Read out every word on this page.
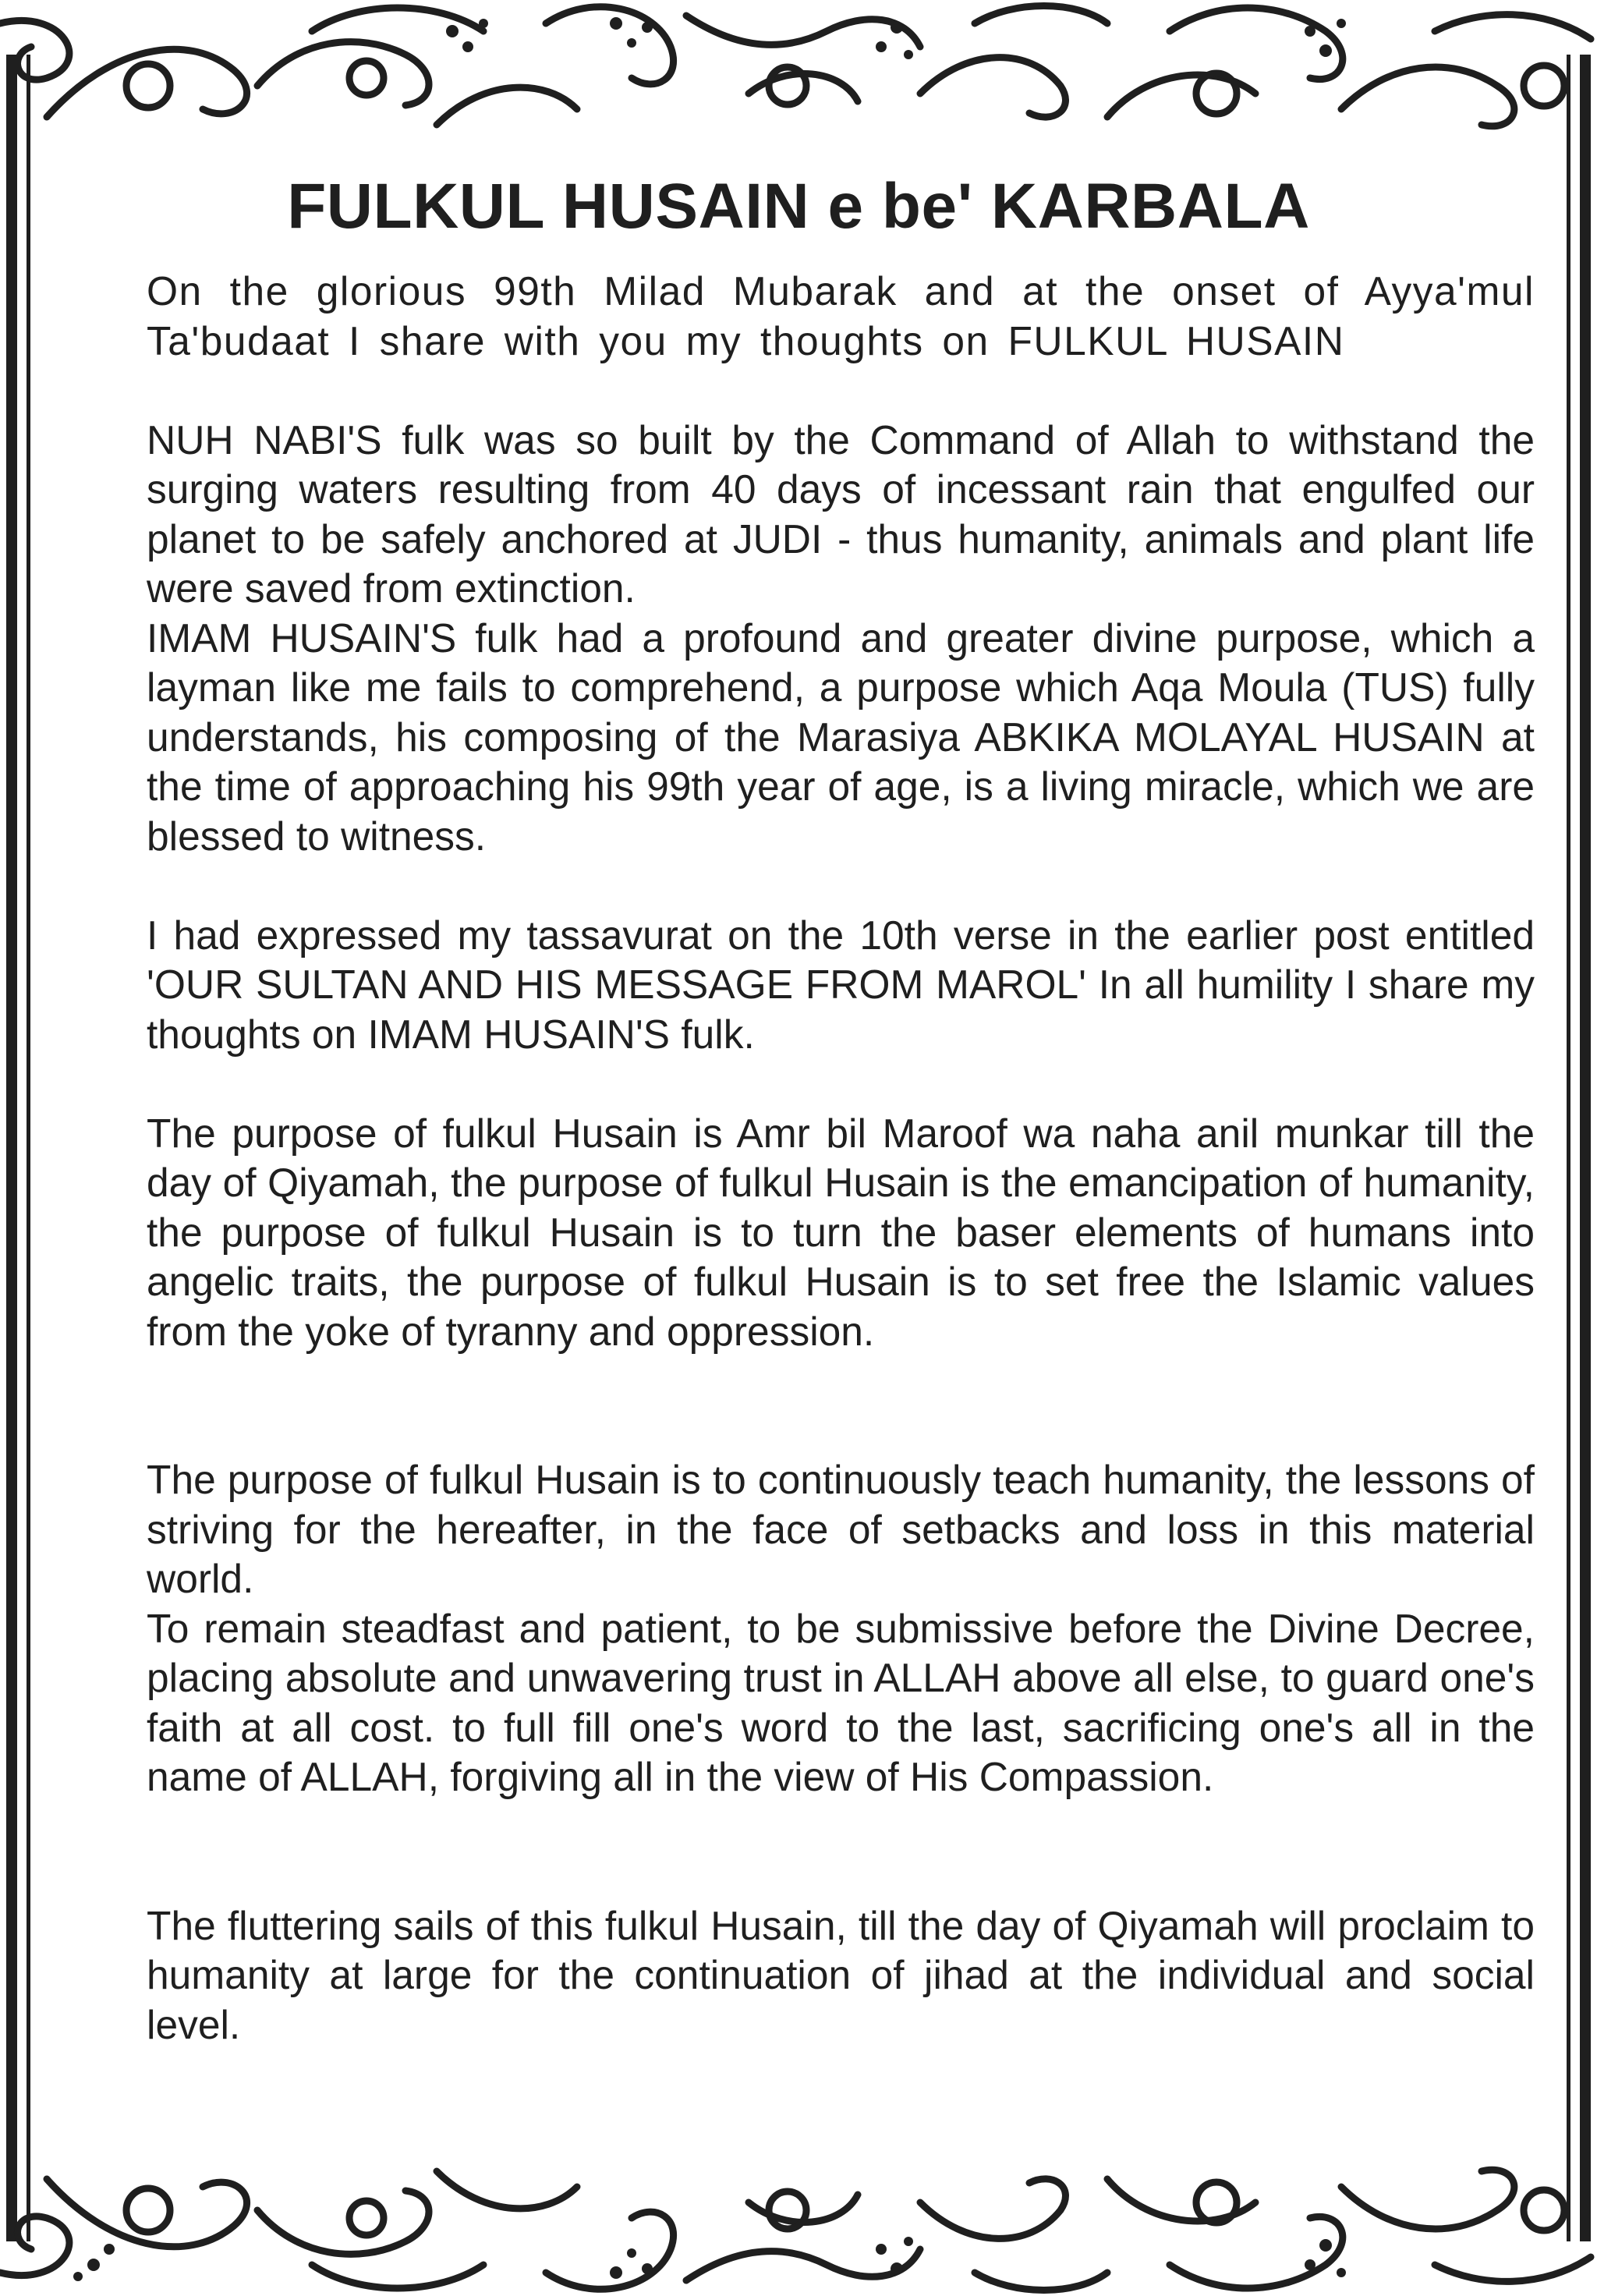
FULKUL HUSAIN e be' KARBALA

On the glorious 99th Milad Mubarak and at the onset of Ayya'mul Ta'budaat I share with you my thoughts on FULKUL HUSAIN

NUH NABI'S fulk was so built by the Command of Allah to withstand the surging waters resulting from 40 days of incessant rain that engulfed our planet to be safely anchored at JUDI - thus humanity, animals and plant life were saved from extinction.

IMAM HUSAIN'S fulk had a profound and greater divine purpose, which a layman like me fails to comprehend, a purpose which Aqa Moula (TUS) fully understands, his composing of the Marasiya ABKIKA MOLAYAL HUSAIN at the time of approaching his 99th year of age, is a living miracle, which we are blessed to witness.

I had expressed my tassavurat on the 10th verse in the earlier post entitled 'OUR SULTAN AND HIS MESSAGE FROM MAROL' In all humility I share my thoughts on IMAM HUSAIN'S fulk.

The purpose of fulkul Husain is Amr bil Maroof wa naha anil munkar till the day of Qiyamah, the purpose of fulkul Husain is the emancipation of humanity, the purpose of fulkul Husain is to turn the baser elements of humans into angelic traits, the purpose of fulkul Husain is to set free the Islamic values from the yoke of tyranny and oppression.

The purpose of fulkul Husain is to continuously teach humanity, the lessons of striving for the hereafter, in the face of setbacks and loss in this material world.

To remain steadfast and patient, to be submissive before the Divine Decree, placing absolute and unwavering trust in ALLAH above all else, to guard one's faith at all cost. to full fill one's word to the last, sacrificing one's all in the name of ALLAH, forgiving all in the view of His Compassion.

The fluttering sails of this fulkul Husain, till the day of Qiyamah will proclaim to humanity at large for the continuation of jihad at the individual and social level.
